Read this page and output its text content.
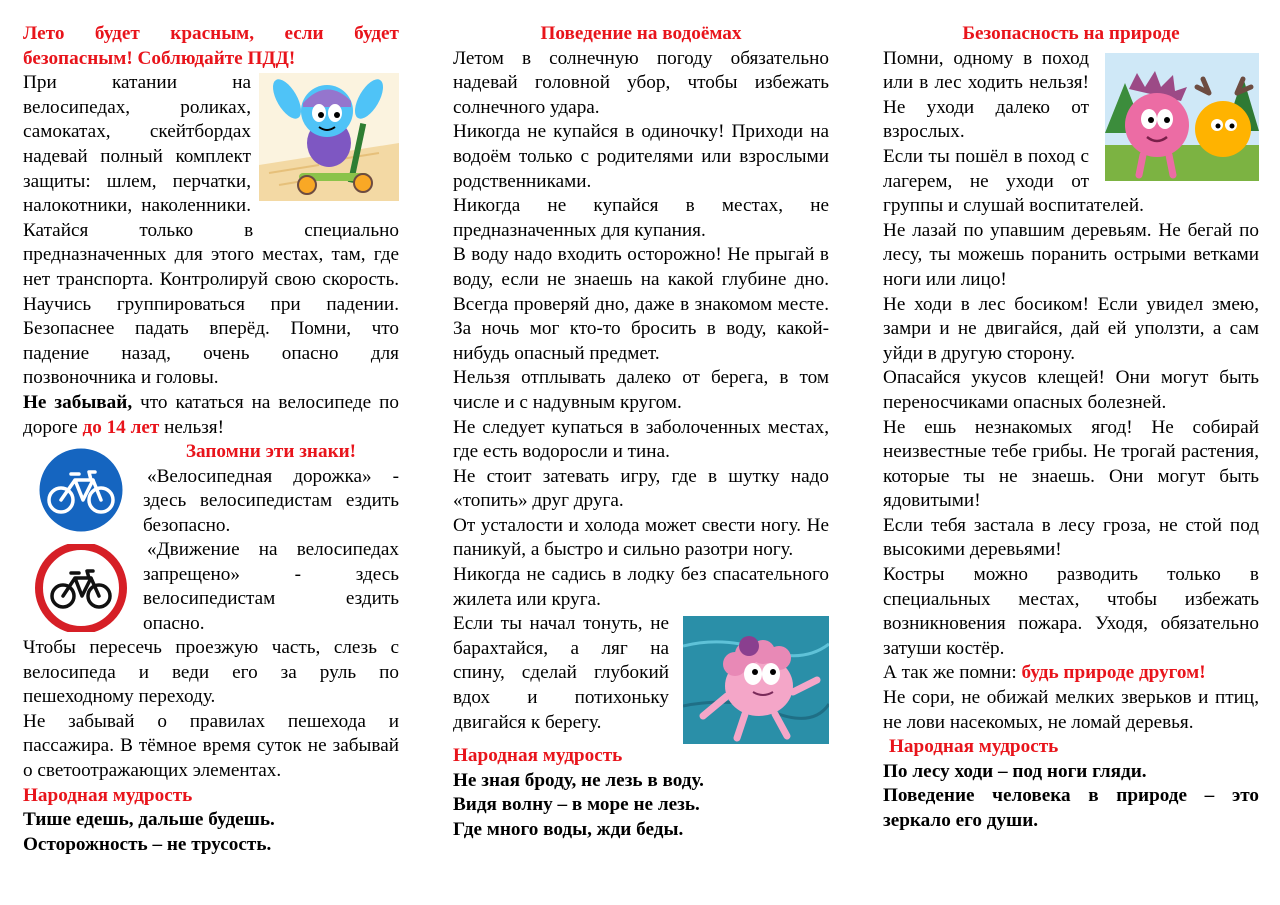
Лето будет красным, если будет безопасным! Соблюдайте ПДД!

При катании на велосипедах, роликах, самокатах, скейтбордах надевай полный комплект защиты: шлем, перчатки, налокотники, наколенники. Катайся только в специально предназначенных для этого местах, там, где нет транспорта. Контролируй свою скорость. Научись группироваться при падении. Безопаснее падать вперёд. Помни, что падение назад, очень опасно для позвоночника и головы.

Не забывай, что кататься на велосипеде по дороге до 14 лет нельзя!

Запомни эти знаки!

«Велосипедная дорожка» - здесь велосипедистам ездить безопасно.

«Движение на велосипедах запрещено» - здесь велосипедистам ездить опасно.

Чтобы пересечь проезжую часть, слезь с велосипеда и веди его за руль по пешеходному переходу.

Не забывай о правилах пешехода и пассажира. В тёмное время суток не забывай о светоотражающих элементах.

Народная мудрость

Тише едешь, дальше будешь.

Осторожность – не трусость.

Поведение на водоёмах

Летом в солнечную погоду обязательно надевай головной убор, чтобы избежать солнечного удара.

Никогда не купайся в одиночку! Приходи на водоём только с родителями или взрослыми родственниками.

Никогда не купайся в местах, не предназначенных для купания.

В воду надо входить осторожно! Не прыгай в воду, если не знаешь на какой глубине дно. Всегда проверяй дно, даже в знакомом месте. За ночь мог кто-то бросить в воду, какой-нибудь опасный предмет.

Нельзя отплывать далеко от берега, в том числе и с надувным кругом.

Не следует купаться в заболоченных местах, где есть водоросли и тина.

Не стоит затевать игру, где в шутку надо «топить» друг друга.

От усталости и холода может свести ногу. Не паникуй, а быстро и сильно разотри ногу.

Никогда не садись в лодку без спасательного жилета или круга.

Если ты начал тонуть, не барахтайся, а ляг на спину, сделай глубокий вдох и потихоньку двигайся к берегу.

Народная мудрость

Не зная броду, не лезь в воду.

Видя волну – в море не лезь.

Где много воды, жди беды.

Безопасность на природе

Помни, одному в поход или в лес ходить нельзя! Не уходи далеко от взрослых.

Если ты пошёл в поход с лагерем, не уходи от группы и слушай воспитателей.

Не лазай по упавшим деревьям. Не бегай по лесу, ты можешь поранить острыми ветками ноги или лицо!

Не ходи в лес босиком! Если увидел змею, замри и не двигайся, дай ей уползти, а сам уйди в другую сторону.

Опасайся укусов клещей! Они могут быть переносчиками опасных болезней.

Не ешь незнакомых ягод! Не собирай неизвестные тебе грибы. Не трогай растения, которые ты не знаешь. Они могут быть ядовитыми!

Если тебя застала в лесу гроза, не стой под высокими деревьями!

Костры можно разводить только в специальных местах, чтобы избежать возникновения пожара. Уходя, обязательно затуши костёр.

А так же помни: будь природе другом!

Не сори, не обижай мелких зверьков и птиц, не лови насекомых, не ломай деревья.

Народная мудрость

По лесу ходи – под ноги гляди.

Поведение человека в природе – это зеркало его души.
